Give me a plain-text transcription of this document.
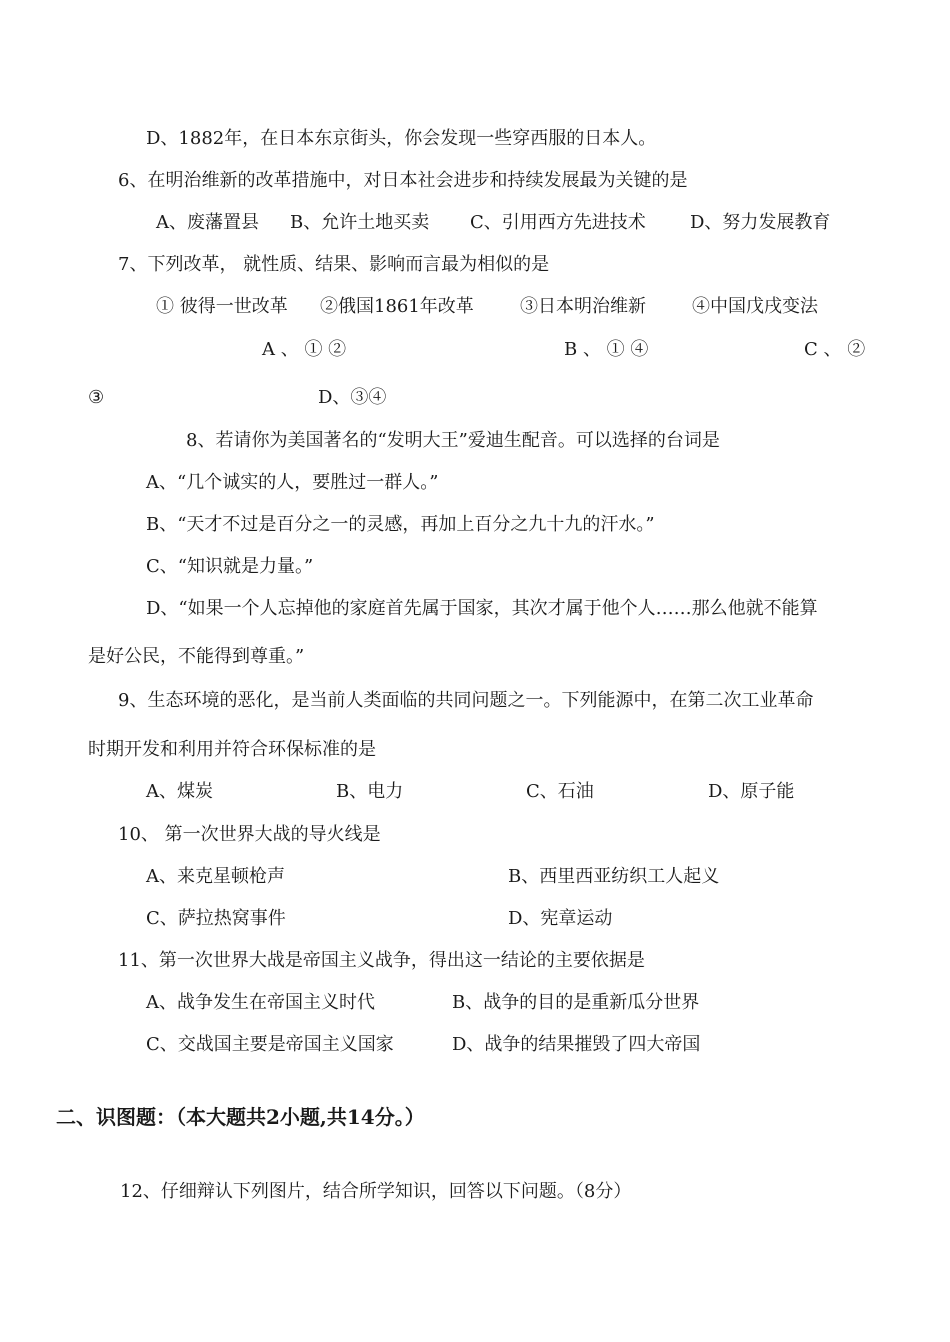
D、1882年，在日本东京街头，你会发现一些穿西服的日本人。
6、在明治维新的改革措施中，对日本社会进步和持续发展最为关键的是
A、废藩置县 B、允许土地买卖 C、引用西方先进技术 D、努力发展教育
7、下列改革， 就性质、结果、影响而言最为相似的是
① 彼得一世改革 ②俄国1861年改革	③日本明治维新	④中国戊戌变法
A 、 ① ②	B 、 ① ④	C 、 ②
③	D、③④
8、若请你为美国著名的“发明大王”爱迪生配音。可以选择的台词是
A、“几个诚实的人，要胜过一群人。”
B、“天才不过是百分之一的灵感，再加上百分之九十九的汗水。”
C、“知识就是力量。”
D、“如果一个人忘掉他的家庭首先属于国家，其次才属于他个人……那么他就不能算
是好公民，不能得到尊重。”
9、生态环境的恶化，是当前人类面临的共同问题之一。下列能源中，在第二次工业革命
时期开发和利用并符合环保标准的是
A、煤炭	B、电力	C、石油	D、原子能
10、 第一次世界大战的导火线是
A、来克星顿枪声	B、西里西亚纺织工人起义
C、萨拉热窝事件	D、宪章运动
11、第一次世界大战是帝国主义战争，得出这一结论的主要依据是
A、战争发生在帝国主义时代	B、战争的目的是重新瓜分世界
C、交战国主要是帝国主义国家	D、战争的结果摧毁了四大帝国
二、识图题：（本大题共2小题,共14分。）
12、仔细辩认下列图片，结合所学知识，回答以下问题。（8分）
